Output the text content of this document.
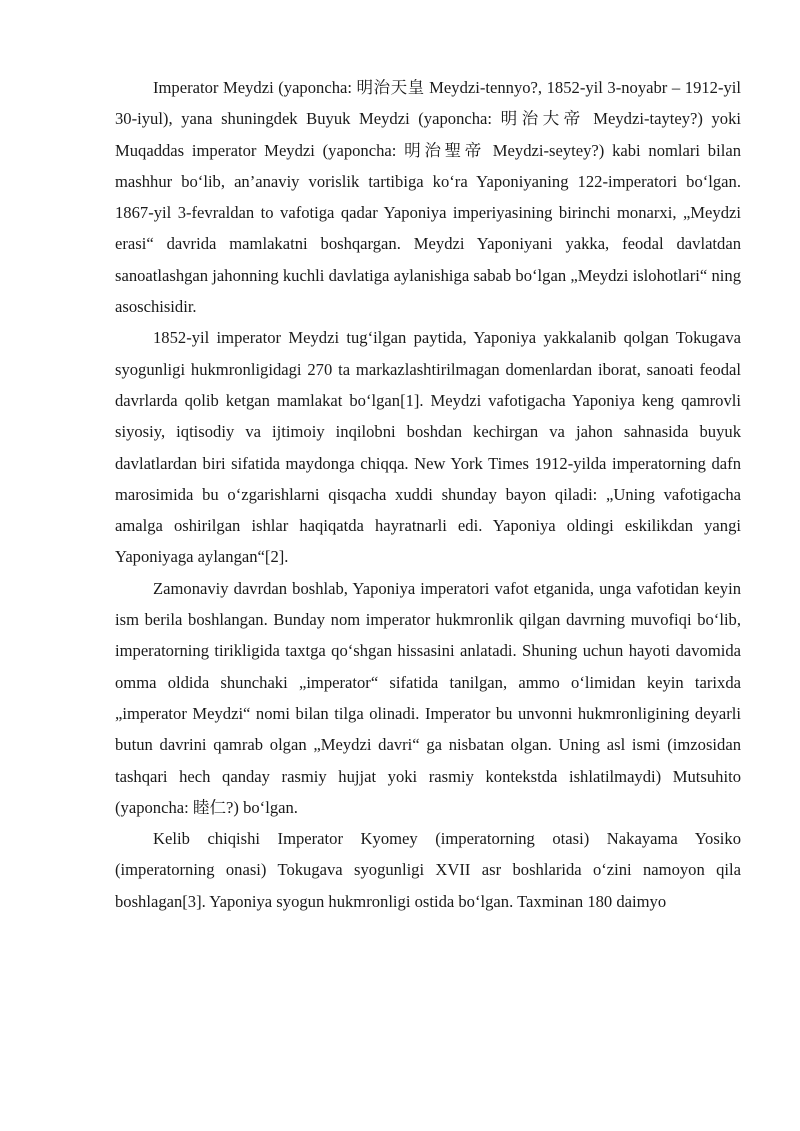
Imperator Meydzi (yaponcha: 明治天皇 Meydzi-tennyo?, 1852-yil 3-noyabr – 1912-yil 30-iyul), yana shuningdek Buyuk Meydzi (yaponcha: 明治大帝 Meydzi-taytey?) yoki Muqaddas imperator Meydzi (yaponcha: 明治聖帝 Meydzi-seytey?) kabi nomlari bilan mashhur boʻlib, an’anaviy vorislik tartibiga koʻra Yaponiyaning 122-imperatori boʻlgan. 1867-yil 3-fevraldan to vafotiga qadar Yaponiya imperiyasining birinchi monarxi, „Meydzi erasi“ davrida mamlakatni boshqargan. Meydzi Yaponiyani yakka, feodal davlatdan sanoatlashgan jahonning kuchli davlatiga aylanishiga sabab boʻlgan „Meydzi islohotlari“ ning asoschisidir.

1852-yil imperator Meydzi tugʻilgan paytida, Yaponiya yakkalanib qolgan Tokugava syogunligi hukmronligidagi 270 ta markazlashtirilmagan domenlardan iborat, sanoati feodal davrlarda qolib ketgan mamlakat boʻlgan[1]. Meydzi vafotigacha Yaponiya keng qamrovli siyosiy, iqtisodiy va ijtimoiy inqilobni boshdan kechirgan va jahon sahnasida buyuk davlatlardan biri sifatida maydonga chiqqa. New York Times 1912-yilda imperatorning dafn marosimida bu oʻzgarishlarni qisqacha xuddi shunday bayon qiladi: „Uning vafotigacha amalga oshirilgan ishlar haqiqatda hayratnarli edi. Yaponiya oldingi eskilikdan yangi Yaponiyaga aylangan“[2].

Zamonaviy davrdan boshlab, Yaponiya imperatori vafot etganida, unga vafotidan keyin ism berila boshlangan. Bunday nom imperator hukmronlik qilgan davrning muvofiqi boʻlib, imperatorning tirikligida taxtga qoʻshgan hissasini anlatadi. Shuning uchun hayoti davomida omma oldida shunchaki „imperator“ sifatida tanilgan, ammo oʻlimidan keyin tarixda „imperator Meydzi“ nomi bilan tilga olinadi. Imperator bu unvonni hukmronligining deyarli butun davrini qamrab olgan „Meydzi davri“ ga nisbatan olgan. Uning asl ismi (imzosidan tashqari hech qanday rasmiy hujjat yoki rasmiy kontekstda ishlatilmaydi) Mutsuhito (yaponcha: 睦仁?) boʻlgan.

Kelib chiqishi Imperator Kyomey (imperatorning otasi) Nakayama Yosiko (imperatorning onasi) Tokugava syogunligi XVII asr boshlarida oʻzini namoyon qila boshlagan[3]. Yaponiya syogun hukmronligi ostida boʻlgan. Taxminan 180 daimyo
